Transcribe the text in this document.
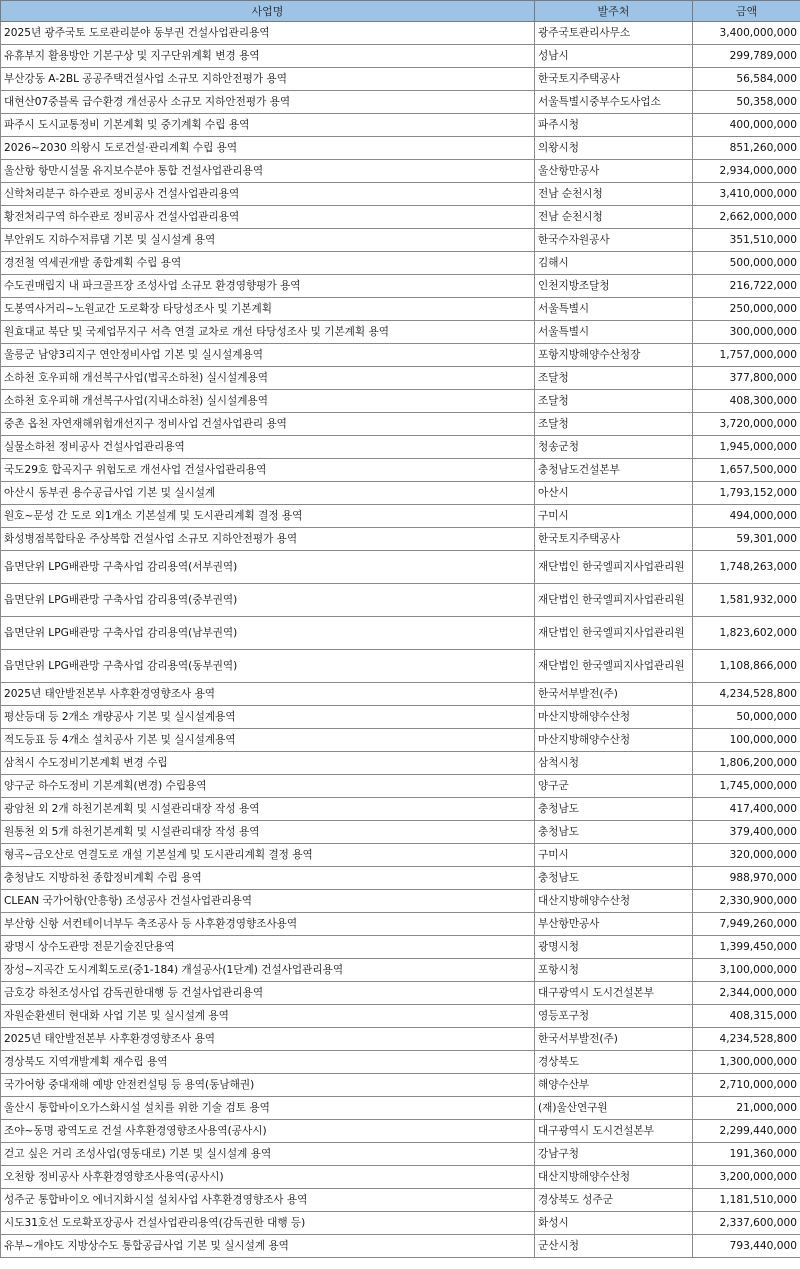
사업명	발주처	금액
2025년 광주국토 도로관리분야 동부권 건설사업관리용역	광주국토관리사무소	3,400,000,000
유휴부지 활용방안 기본구상 및 지구단위계획 변경 용역	성남시	299,789,000
부산강동 A-2BL 공공주택건설사업 소규모 지하안전평가 용역	한국토지주택공사	56,584,000
대현산07중블록 급수환경 개선공사 소규모 지하안전평가 용역	서울특별시중부수도사업소	50,358,000
파주시 도시교통정비 기본계획 및 중기계획 수립 용역	파주시청	400,000,000
2026~2030 의왕시 도로건설·관리계획 수립 용역	의왕시청	851,260,000
울산항 항만시설물 유지보수분야 통합 건설사업관리용역	울산항만공사	2,934,000,000
신학처리분구 하수관로 정비공사 건설사업관리용역	전남 순천시청	3,410,000,000
황전처리구역 하수관로 정비공사 건설사업관리용역	전남 순천시청	2,662,000,000
부안위도 지하수저류댐 기본 및 실시설계 용역	한국수자원공사	351,510,000
경전철 역세권개발 종합계획 수립 용역	김해시	500,000,000
수도권매립지 내 파크골프장 조성사업 소규모 환경영향평가 용역	인천지방조달청	216,722,000
도봉역사거리~노원교간 도로확장 타당성조사 및 기본계획	서울특별시	250,000,000
원효대교 북단 및 국제업무지구 서측 연결 교차로 개선 타당성조사 및 기본계획 용역	서울특별시	300,000,000
울릉군 남양3리지구 연안정비사업 기본 및 실시설계용역	포항지방해양수산청장	1,757,000,000
소하천 호우피해 개선복구사업(법곡소하천) 실시설계용역	조달청	377,800,000
소하천 호우피해 개선복구사업(지내소하천) 실시설계용역	조달청	408,300,000
중촌 옵천 자연재해위험개선지구 정비사업 건설사업관리 용역	조달청	3,720,000,000
실물소하천 정비공사 건설사업관리용역	청송군청	1,945,000,000
국도29호 합곡지구 위험도로 개선사업 건설사업관리용역	충청남도건설본부	1,657,500,000
아산시 동부권 용수공급사업 기본 및 실시설계	아산시	1,793,152,000
원호~문성 간 도로 외1개소 기본설계 및 도시관리계획 결정 용역	구미시	494,000,000
화성병점복합타운 주상복합 건설사업 소규모 지하안전평가 용역	한국토지주택공사	59,301,000
읍면단위 LPG배관망 구축사업 감리용역(서부권역)	재단법인 한국엘피지사업관리원	1,748,263,000
읍면단위 LPG배관망 구축사업 감리용역(중부권역)	재단법인 한국엘피지사업관리원	1,581,932,000
읍면단위 LPG배관망 구축사업 감리용역(남부권역)	재단법인 한국엘피지사업관리원	1,823,602,000
읍면단위 LPG배관망 구축사업 감리용역(동부권역)	재단법인 한국엘피지사업관리원	1,108,866,000
2025년 태안발전본부 사후환경영향조사 용역	한국서부발전(주)	4,234,528,800
평산등대 등 2개소 개량공사 기본 및 실시설계용역	마산지방해양수산청	50,000,000
적도등표 등 4개소 설치공사 기본 및 실시설계용역	마산지방해양수산청	100,000,000
삼척시 수도정비기본계획 변경 수립	삼척시청	1,806,200,000
양구군 하수도정비 기본계획(변경) 수립용역	양구군	1,745,000,000
광암천 외 2개 하천기본계획 및 시설관리대장 작성 용역	충청남도	417,400,000
원통천 외 5개 하천기본계획 및 시설관리대장 작성 용역	충청남도	379,400,000
형곡~금오산로 연결도로 개설 기본설계 및 도시관리계획 결정 용역	구미시	320,000,000
충청남도 지방하천 종합정비계획 수립 용역	충청남도	988,970,000
CLEAN 국가어항(안흥항) 조성공사 건설사업관리용역	대산지방해양수산청	2,330,900,000
부산항 신항 서컨테이너부두 축조공사 등 사후환경영향조사용역	부산항만공사	7,949,260,000
광명시 상수도관망 전문기술진단용역	광명시청	1,399,450,000
장성~지곡간 도시계획도로(중1-184) 개설공사(1단계) 건설사업관리용역	포항시청	3,100,000,000
금호강 하천조성사업 감독권한대행 등 건설사업관리용역	대구광역시 도시건설본부	2,344,000,000
자원순환센터 현대화 사업 기본 및 실시설계 용역	영등포구청	408,315,000
2025년 태안발전본부 사후환경영향조사 용역	한국서부발전(주)	4,234,528,800
경상북도 지역개발계획 재수립 용역	경상북도	1,300,000,000
국가어항 중대재해 예방 안전컨설팅 등 용역(동남해권)	해양수산부	2,710,000,000
울산시 통합바이오가스화시설 설치를 위한 기술 검토 용역	(재)울산연구원	21,000,000
조야~동명 광역도로 건설 사후환경영향조사용역(공사시)	대구광역시 도시건설본부	2,299,440,000
걷고 싶은 거리 조성사업(영동대로) 기본 및 실시설계 용역	강남구청	191,360,000
오천항 정비공사 사후환경영향조사용역(공사시)	대산지방해양수산청	3,200,000,000
성주군 통합바이오 에너지화시설 설치사업 사후환경영향조사 용역	경상북도 성주군	1,181,510,000
시도31호선 도로확포장공사 건설사업관리용역(감독권한 대행 등)	화성시	2,337,600,000
유부~개야도 지방상수도 통합공급사업 기본 및 실시설계 용역	군산시청	793,440,000
